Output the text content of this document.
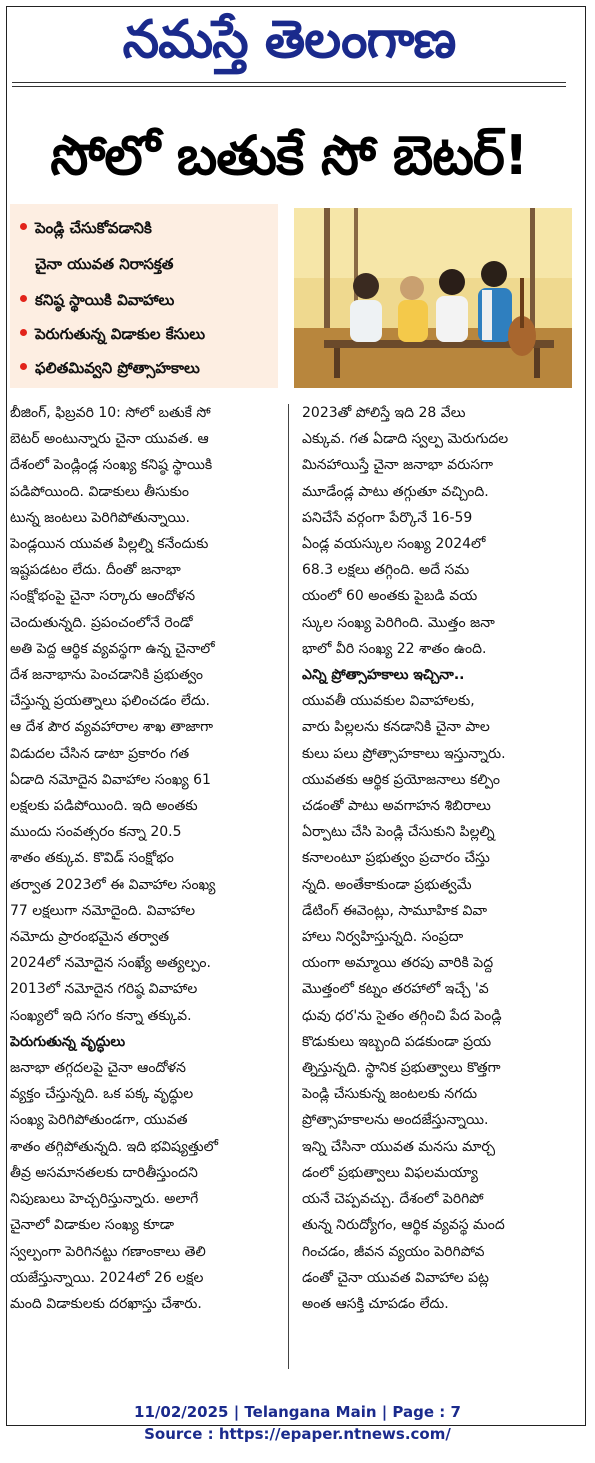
నమస్తే తెలంగాణ
సోలో బతుకే సో బెటర్!
పెండ్లి చేసుకోవడానికి
చైనా యువత నిరాసక్తత
కనిష్ఠ స్థాయికి వివాహాలు
పెరుగుతున్న విడాకుల కేసులు
ఫలితమివ్వని ప్రోత్సాహకాలు

బీజింగ్, ఫిబ్రవరి 10: సోలో బతుకే సో

బెటర్ అంటున్నారు చైనా యువత. ఆ

దేశంలో పెండ్లిండ్ల సంఖ్య కనిష్ఠ స్థాయికి

పడిపోయింది. విడాకులు తీసుకుం

టున్న జంటలు పెరిగిపోతున్నాయి.

పెండ్లయిన యువత పిల్లల్ని కనేందుకు

ఇష్టపడటం లేదు. దీంతో జనాభా

సంక్షోభంపై చైనా సర్కారు ఆందోళన

చెందుతున్నది. ప్రపంచంలోనే రెండో

అతి పెద్ద ఆర్థిక వ్యవస్థగా ఉన్న చైనాలో

దేశ జనాభాను పెంచడానికి ప్రభుత్వం

చేస్తున్న ప్రయత్నాలు ఫలించడం లేదు.

ఆ దేశ పౌర వ్యవహారాల శాఖ తాజాగా

విడుదల చేసిన డాటా ప్రకారం గత

ఏడాది నమోదైన వివాహాల సంఖ్య 61

లక్షలకు పడిపోయింది. ఇది అంతకు

ముందు సంవత్సరం కన్నా 20.5

శాతం తక్కువ. కొవిడ్ సంక్షోభం

తర్వాత 2023లో ఈ వివాహాల సంఖ్య

77 లక్షలుగా నమోదైంది. వివాహాల

నమోదు ప్రారంభమైన తర్వాత

2024లో నమోదైన సంఖ్యే అత్యల్పం.

2013లో నమోదైన గరిష్ఠ వివాహాల

సంఖ్యలో ఇది సగం కన్నా తక్కువ.

పెరుగుతున్న వృద్ధులు

జనాభా తగ్గదలపై చైనా ఆందోళన

వ్యక్తం చేస్తున్నది. ఒక పక్క వృద్ధుల

సంఖ్య పెరిగిపోతుండగా, యువత

శాతం తగ్గిపోతున్నది. ఇది భవిష్యత్తులో

తీవ్ర అసమానతలకు దారితీస్తుందని

నిపుణులు హెచ్చరిస్తున్నారు. అలాగే

చైనాలో విడాకుల సంఖ్య కూడా

స్వల్పంగా పెరిగినట్టు గణాంకాలు తెలి

యజేస్తున్నాయి. 2024లో 26 లక్షల

మంది విడాకులకు దరఖాస్తు చేశారు.

2023తో పోలిస్తే ఇది 28 వేలు

ఎక్కువ. గత ఏడాది స్వల్ప మెరుగుదల

మినహాయిస్తే చైనా జనాభా వరుసగా

మూడేండ్ల పాటు తగ్గుతూ వచ్చింది.

పనిచేసే వర్గంగా పేర్కొనే 16-59

ఏండ్ల వయస్కుల సంఖ్య 2024లో

68.3 లక్షలు తగ్గింది. అదే సమ

యంలో 60 అంతకు పైబడి వయ

స్కుల సంఖ్య పెరిగింది. మొత్తం జనా

భాలో వీరి సంఖ్య 22 శాతం ఉంది.

ఎన్ని ప్రోత్సాహకాలు ఇచ్చినా..

యువతీ యువకుల వివాహాలకు,

వారు పిల్లలను కనడానికి చైనా పాల

కులు పలు ప్రోత్సాహకాలు ఇస్తున్నారు.

యువతకు ఆర్థిక ప్రయోజనాలు కల్పిం

చడంతో పాటు అవగాహన శిబిరాలు

ఏర్పాటు చేసి పెండ్లి చేసుకుని పిల్లల్ని

కనాలంటూ ప్రభుత్వం ప్రచారం చేస్తు

న్నది. అంతేకాకుండా ప్రభుత్వమే

డేటింగ్ ఈవెంట్లు, సామూహిక వివా

హాలు నిర్వహిస్తున్నది. సంప్రదా

యంగా అమ్మాయి తరపు వారికి పెద్ద

మొత్తంలో కట్నం తరహాలో ఇచ్చే 'వ

ధువు ధర'ను సైతం తగ్గించి పేద పెండ్లి

కొడుకులు ఇబ్బంది పడకుండా ప్రయ

త్నిస్తున్నది. స్థానిక ప్రభుత్వాలు కొత్తగా

పెండ్లి చేసుకున్న జంటలకు నగదు

ప్రోత్సాహకాలను అందజేస్తున్నాయి.

ఇన్ని చేసినా యువత మనసు మార్చ

డంలో ప్రభుత్వాలు విఫలమయ్యా

యనే చెప్పవచ్చు. దేశంలో పెరిగిపో

తున్న నిరుద్యోగం, ఆర్థిక వ్యవస్థ మంద

గించడం, జీవన వ్యయం పెరిగిపోవ

డంతో చైనా యువత వివాహాల పట్ల

అంత ఆసక్తి చూపడం లేదు.

11/02/2025 | Telangana Main | Page : 7
Source : https://epaper.ntnews.com/
